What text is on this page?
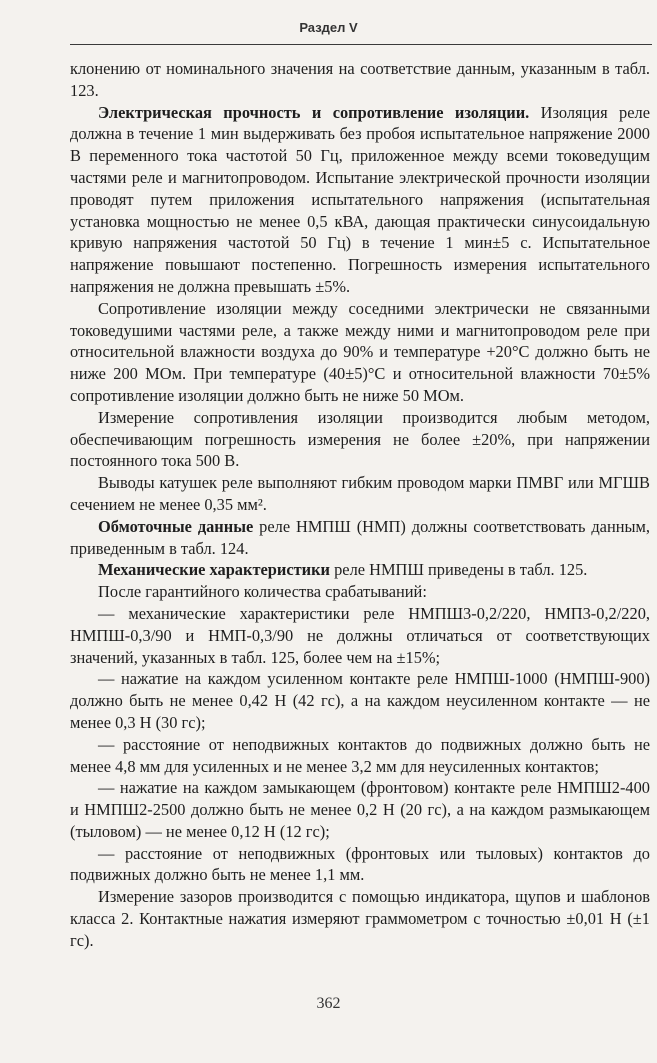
Раздел V

клонению от номинального значения на соответствие данным, указанным в табл. 123.

Электрическая прочность и сопротивление изоляции. Изоляция реле должна в течение 1 мин выдерживать без пробоя испытательное напряжение 2000 В переменного тока частотой 50 Гц, приложенное между всеми токоведущим частями реле и магнитопроводом. Испытание электрической прочности изоляции проводят путем приложения испытательного напряжения (испытательная установка мощностью не менее 0,5 кВА, дающая практически синусоидальную кривую напряжения частотой 50 Гц) в течение 1 мин±5 с. Испытательное напряжение повышают постепенно. Погрешность измерения испытательного напряжения не должна превышать ±5%.

Сопротивление изоляции между соседними электрически не связанными токоведушими частями реле, а также между ними и магнитопроводом реле при относительной влажности воздуха до 90% и температуре +20°С должно быть не ниже 200 МОм. При температуре (40±5)°С и относительной влажности 70±5% сопротивление изоляции должно быть не ниже 50 МОм.

Измерение сопротивления изоляции производится любым методом, обеспечивающим погрешность измерения не более ±20%, при напряжении постоянного тока 500 В.

Выводы катушек реле выполняют гибким проводом марки ПМВГ или МГШВ сечением не менее 0,35 мм².

Обмоточные данные реле НМПШ (НМП) должны соответствовать данным, приведенным в табл. 124.

Механические характеристики реле НМПШ приведены в табл. 125.

После гарантийного количества срабатываний:

— механические характеристики реле НМПШ3-0,2/220, НМП3-0,2/220, НМПШ-0,3/90 и НМП-0,3/90 не должны отличаться от соответствующих значений, указанных в табл. 125, более чем на ±15%;

— нажатие на каждом усиленном контакте реле НМПШ-1000 (НМПШ-900) должно быть не менее 0,42 Н (42 гс), а на каждом неусиленном контакте — не менее 0,3 Н (30 гс);

— расстояние от неподвижных контактов до подвижных должно быть не менее 4,8 мм для усиленных и не менее 3,2 мм для неусиленных контактов;

— нажатие на каждом замыкающем (фронтовом) контакте реле НМПШ2-400 и НМПШ2-2500 должно быть не менее 0,2 Н (20 гс), а на каждом размыкающем (тыловом) — не менее 0,12 Н (12 гс);

— расстояние от неподвижных (фронтовых или тыловых) контактов до подвижных должно быть не менее 1,1 мм.

Измерение зазоров производится с помощью индикатора, щупов и шаблонов класса 2. Контактные нажатия измеряют граммометром с точностью ±0,01 Н (±1 гс).

362
